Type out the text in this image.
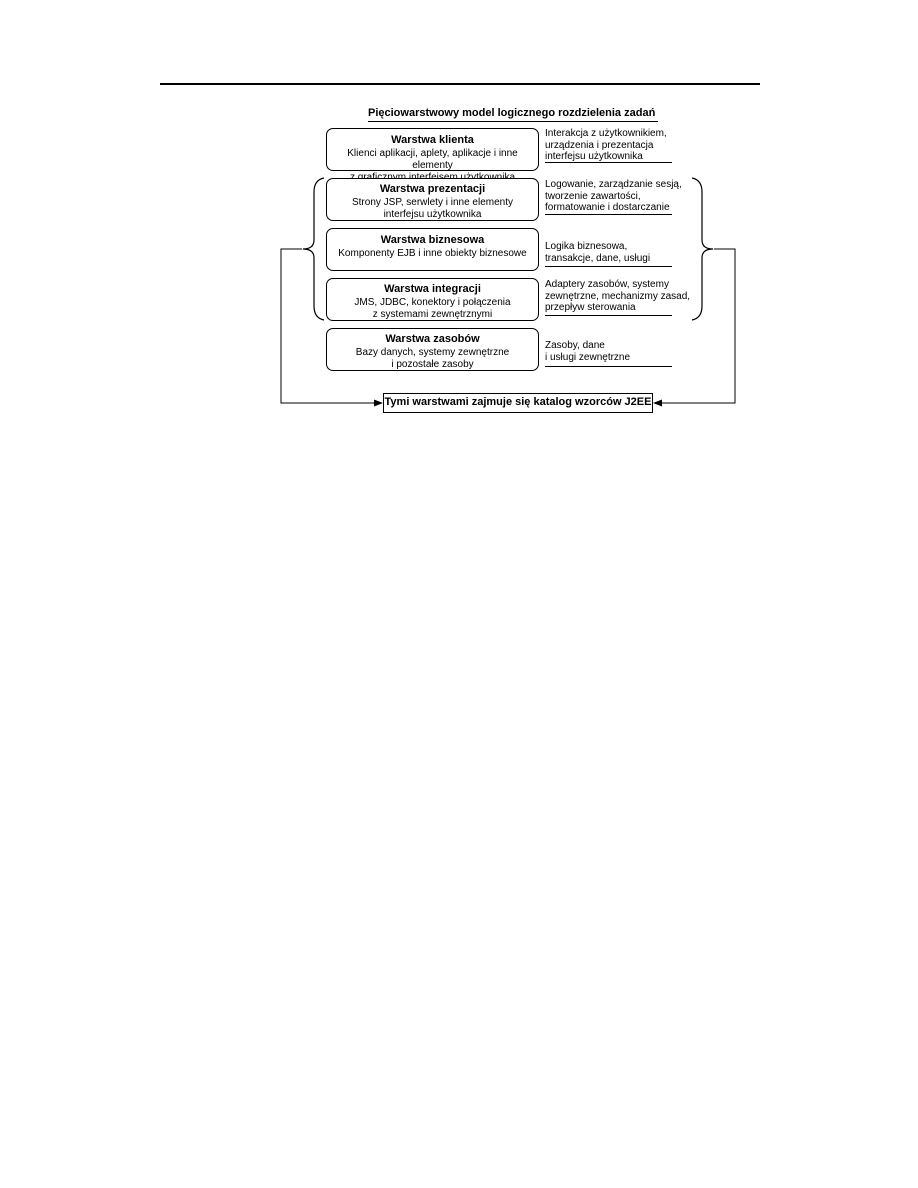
Pięciowarstwowy model logicznego rozdzielenia zadań
Warstwa klienta
Klienci aplikacji, aplety, aplikacje i inne elementy
Interakcja z użytkownikiem,
urządzenia i prezentacja
interfejsu użytkownika
Warstwa prezentacji
Strony JSP, serwlety i inne elementy
interfejsu użytkownika
Logowanie, zarządzanie sesją,
tworzenie zawartości,
formatowanie i dostarczanie
Warstwa biznesowa
Komponenty EJB i inne obiekty biznesowe
Logika biznesowa,
transakcje, dane, usługi
Warstwa integracji
JMS, JDBC, konektory i połączenia
z systemami zewnętrznymi
Adaptery zasobów, systemy
zewnętrzne, mechanizmy zasad,
przepływ sterowania
Warstwa zasobów
Bazy danych, systemy zewnętrzne
i pozostałe zasoby
Zasoby, dane
i usługi zewnętrzne
Tymi warstwami zajmuje się katalog wzorców J2EE
